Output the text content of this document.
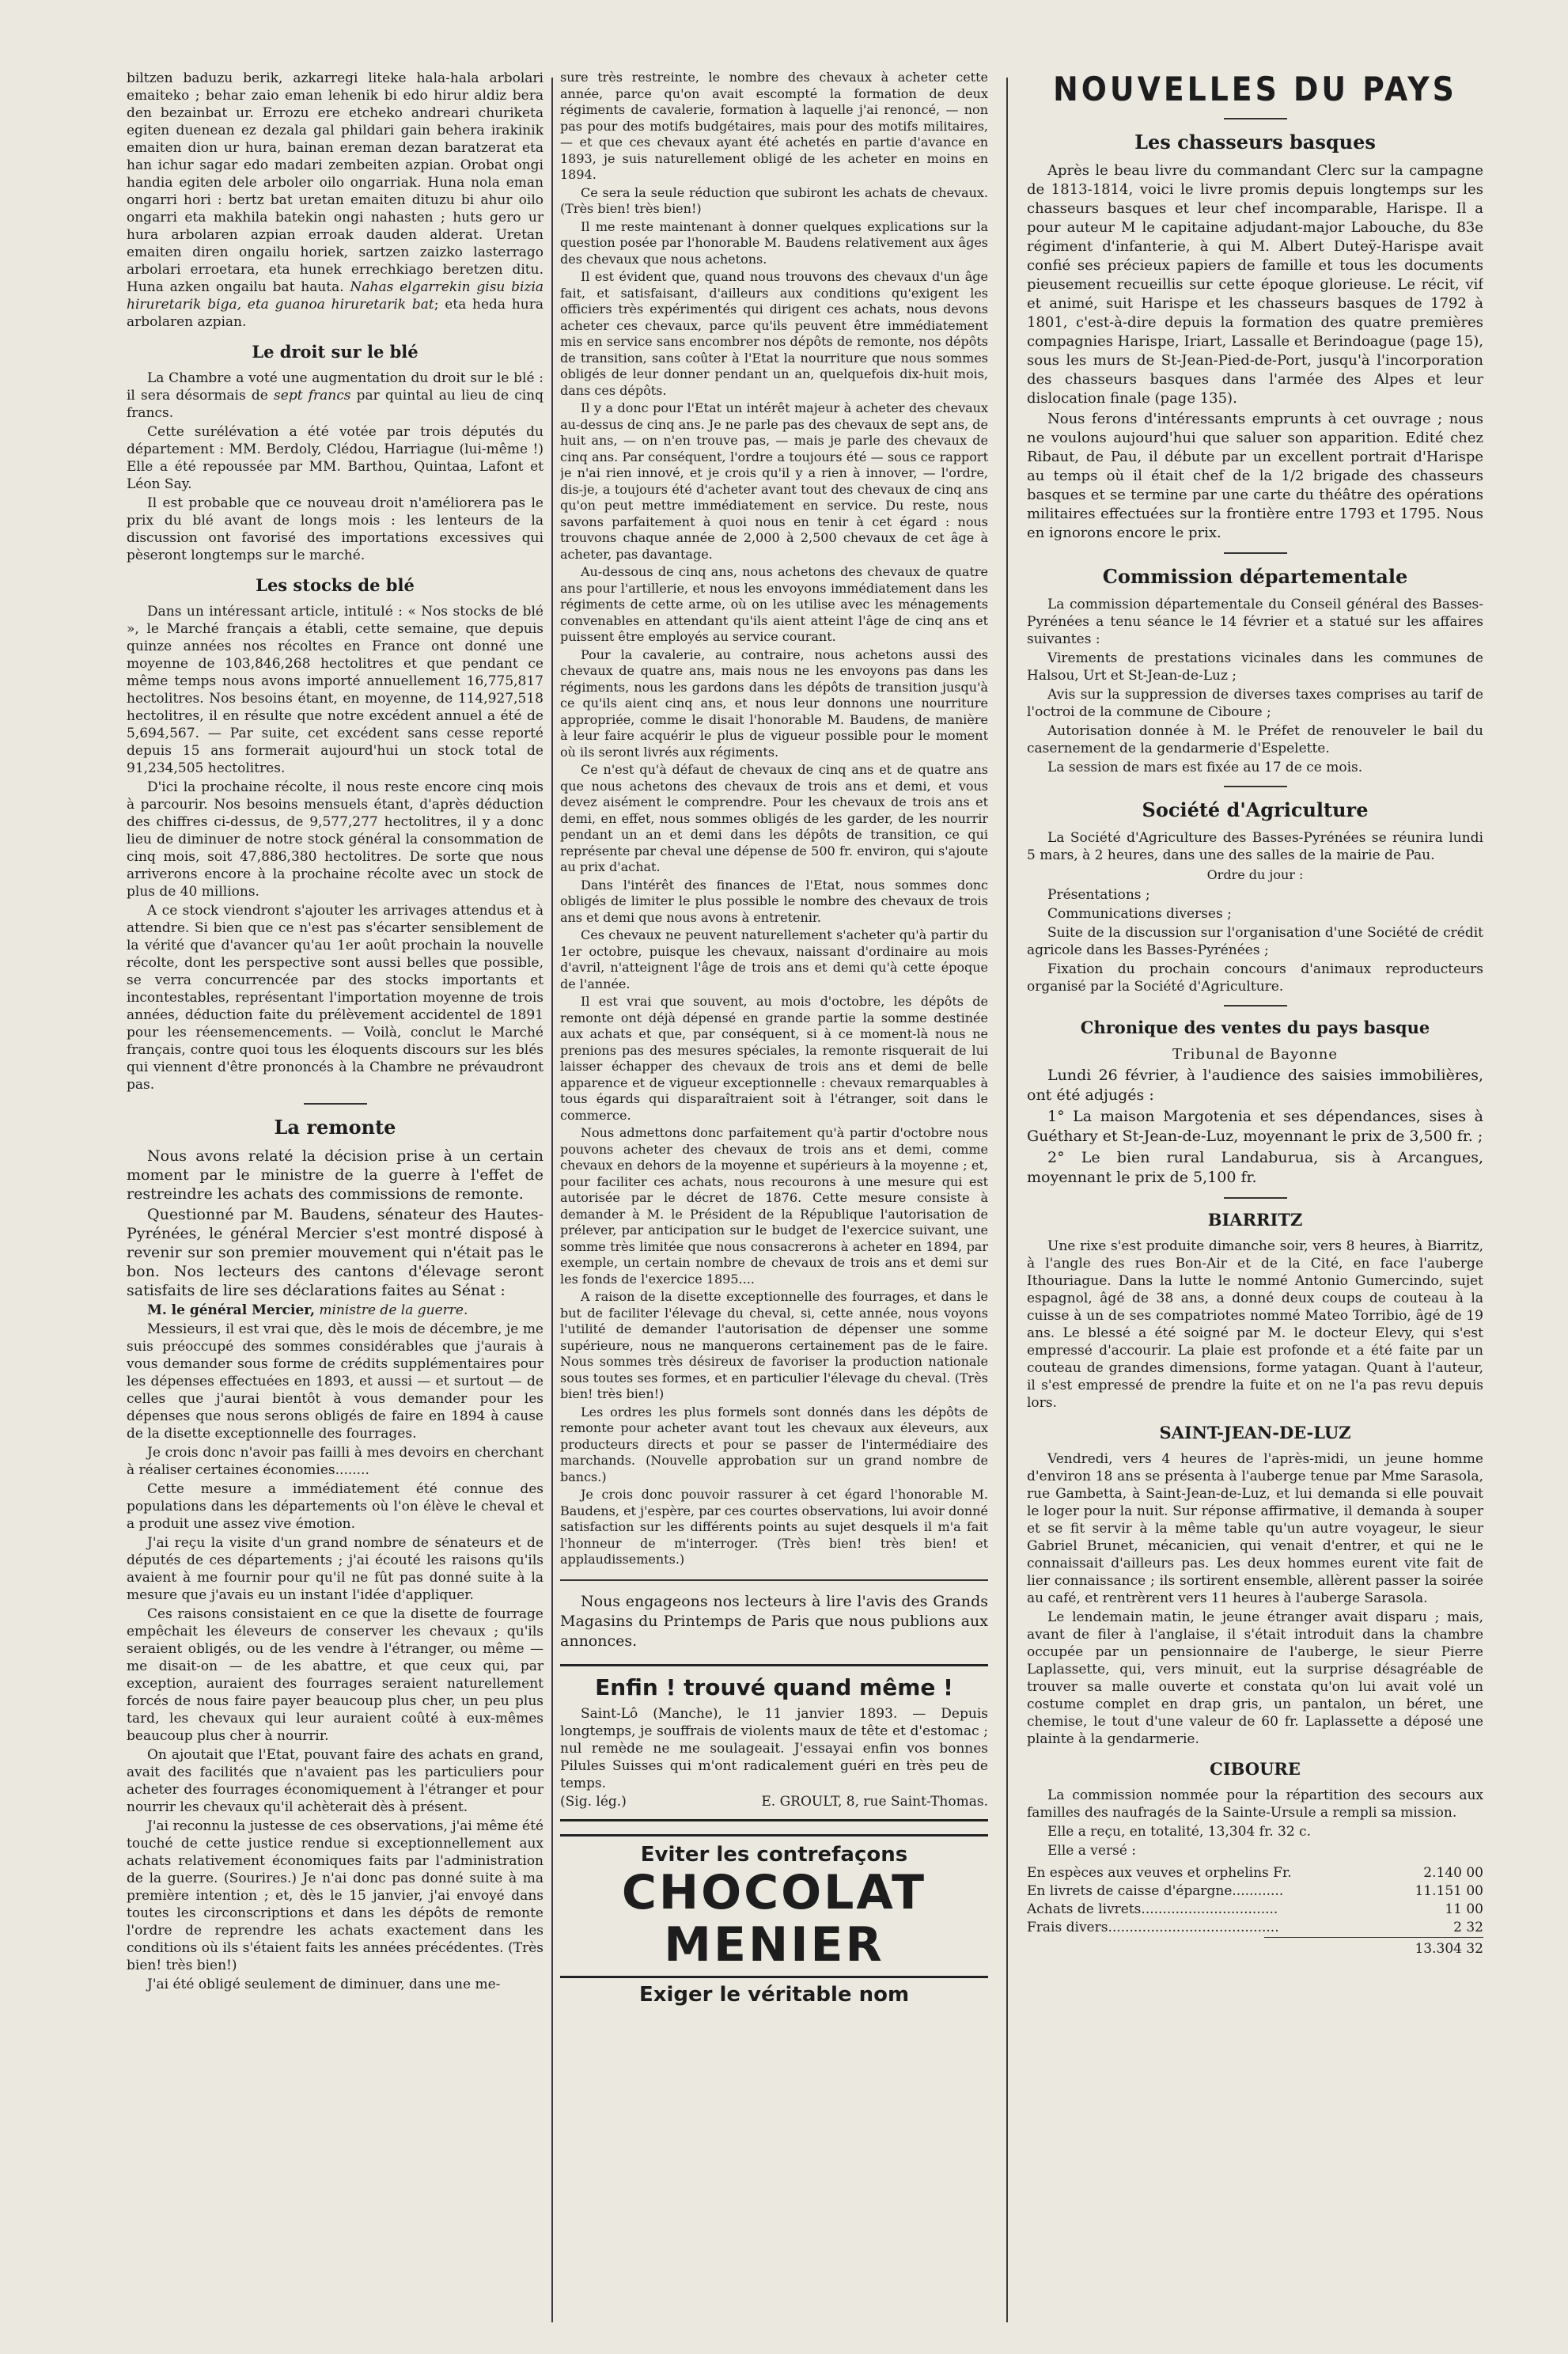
biltzen baduzu berik, azkarregi liteke hala-hala arbolari emaiteko ; behar zaio eman lehenik bi edo hirur aldiz bera den bezainbat ur. Errozu ere etcheko andreari churiketa egiten duenean ez dezala gal phildari gain behera irakinik emaiten dion ur hura, bainan ereman dezan baratzerat eta han ichur sagar edo madari zembeiten azpian. Orobat ongi handia egiten dele arboler oilo ongarriak. Huna nola eman ongarri hori : bertz bat uretan emaiten dituzu bi ahur oilo ongarri eta makhila batekin ongi nahasten ; huts gero ur hura arbolaren azpian erroak dauden alderat. Uretan emaiten diren ongailu horiek, sartzen zaizko lasterrago arbolari erroetara, eta hunek errechkiago beretzen ditu. Huna azken ongailu bat hauta. Nahas elgarrekin gisu bizia hiruretarik biga, eta guanoa hiruretarik bat; eta heda hura arbolaren azpian.

Le droit sur le blé

La Chambre a voté une augmentation du droit sur le blé : il sera désormais de sept francs par quintal au lieu de cinq francs.

Cette surélévation a été votée par trois députés du département : MM. Berdoly, Clédou, Harriague (lui-même !) Elle a été repoussée par MM. Barthou, Quintaa, Lafont et Léon Say.

Il est probable que ce nouveau droit n'améliorera pas le prix du blé avant de longs mois : les lenteurs de la discussion ont favorisé des importations excessives qui pèseront longtemps sur le marché.

Les stocks de blé

Dans un intéressant article, intitulé : « Nos stocks de blé », le Marché français a établi, cette semaine, que depuis quinze années nos récoltes en France ont donné une moyenne de 103,846,268 hectolitres et que pendant ce même temps nous avons importé annuellement 16,775,817 hectolitres. Nos besoins étant, en moyenne, de 114,927,518 hectolitres, il en résulte que notre excédent annuel a été de 5,694,567. — Par suite, cet excédent sans cesse reporté depuis 15 ans formerait aujourd'hui un stock total de 91,234,505 hectolitres.

D'ici la prochaine récolte, il nous reste encore cinq mois à parcourir. Nos besoins mensuels étant, d'après déduction des chiffres ci-dessus, de 9,577,277 hectolitres, il y a donc lieu de diminuer de notre stock général la consommation de cinq mois, soit 47,886,380 hectolitres. De sorte que nous arriverons encore à la prochaine récolte avec un stock de plus de 40 millions.

A ce stock viendront s'ajouter les arrivages attendus et à attendre. Si bien que ce n'est pas s'écarter sensiblement de la vérité que d'avancer qu'au 1er août prochain la nouvelle récolte, dont les perspective sont aussi belles que possible, se verra concurrencée par des stocks importants et incontestables, représentant l'importation moyenne de trois années, déduction faite du prélèvement accidentel de 1891 pour les réensemencements. — Voilà, conclut le Marché français, contre quoi tous les éloquents discours sur les blés qui viennent d'être prononcés à la Chambre ne prévaudront pas.

La remonte

Nous avons relaté la décision prise à un certain moment par le ministre de la guerre à l'effet de restreindre les achats des commissions de remonte.

Questionné par M. Baudens, sénateur des Hautes-Pyrénées, le général Mercier s'est montré disposé à revenir sur son premier mouvement qui n'était pas le bon. Nos lecteurs des cantons d'élevage seront satisfaits de lire ses déclarations faites au Sénat :

M. le général Mercier, ministre de la guerre.

Messieurs, il est vrai que, dès le mois de décembre, je me suis préoccupé des sommes considérables que j'aurais à vous demander sous forme de crédits supplémentaires pour les dépenses effectuées en 1893, et aussi — et surtout — de celles que j'aurai bientôt à vous demander pour les dépenses que nous serons obligés de faire en 1894 à cause de la disette exceptionnelle des fourrages.

Je crois donc n'avoir pas failli à mes devoirs en cherchant à réaliser certaines économies........

Cette mesure a immédiatement été connue des populations dans les départements où l'on élève le cheval et a produit une assez vive émotion.

J'ai reçu la visite d'un grand nombre de sénateurs et de députés de ces départements ; j'ai écouté les raisons qu'ils avaient à me fournir pour qu'il ne fût pas donné suite à la mesure que j'avais eu un instant l'idée d'appliquer.

Ces raisons consistaient en ce que la disette de fourrage empêchait les éleveurs de conserver les chevaux ; qu'ils seraient obligés, ou de les vendre à l'étranger, ou même — me disait-on — de les abattre, et que ceux qui, par exception, auraient des fourrages seraient naturellement forcés de nous faire payer beaucoup plus cher, un peu plus tard, les chevaux qui leur auraient coûté à eux-mêmes beaucoup plus cher à nourrir.

On ajoutait que l'Etat, pouvant faire des achats en grand, avait des facilités que n'avaient pas les particuliers pour acheter des fourrages économiquement à l'étranger et pour nourrir les chevaux qu'il achèterait dès à présent.

J'ai reconnu la justesse de ces observations, j'ai même été touché de cette justice rendue si exceptionnellement aux achats relativement économiques faits par l'administration de la guerre. (Sourires.) Je n'ai donc pas donné suite à ma première intention ; et, dès le 15 janvier, j'ai envoyé dans toutes les circonscriptions et dans les dépôts de remonte l'ordre de reprendre les achats exactement dans les conditions où ils s'étaient faits les années précédentes. (Très bien! très bien!)

J'ai été obligé seulement de diminuer, dans une me-

sure très restreinte, le nombre des chevaux à acheter cette année, parce qu'on avait escompté la formation de deux régiments de cavalerie, formation à laquelle j'ai renoncé, — non pas pour des motifs budgétaires, mais pour des motifs militaires, — et que ces chevaux ayant été achetés en partie d'avance en 1893, je suis naturellement obligé de les acheter en moins en 1894.

Ce sera la seule réduction que subiront les achats de chevaux. (Très bien! très bien!)

Il me reste maintenant à donner quelques explications sur la question posée par l'honorable M. Baudens relativement aux âges des chevaux que nous achetons.

Il est évident que, quand nous trouvons des chevaux d'un âge fait, et satisfaisant, d'ailleurs aux conditions qu'exigent les officiers très expérimentés qui dirigent ces achats, nous devons acheter ces chevaux, parce qu'ils peuvent être immédiatement mis en service sans encombrer nos dépôts de remonte, nos dépôts de transition, sans coûter à l'Etat la nourriture que nous sommes obligés de leur donner pendant un an, quelquefois dix-huit mois, dans ces dépôts.

Il y a donc pour l'Etat un intérêt majeur à acheter des chevaux au-dessus de cinq ans. Je ne parle pas des chevaux de sept ans, de huit ans, — on n'en trouve pas, — mais je parle des chevaux de cinq ans. Par conséquent, l'ordre a toujours été — sous ce rapport je n'ai rien innové, et je crois qu'il y a rien à innover, — l'ordre, dis-je, a toujours été d'acheter avant tout des chevaux de cinq ans qu'on peut mettre immédiatement en service. Du reste, nous savons parfaitement à quoi nous en tenir à cet égard : nous trouvons chaque année de 2,000 à 2,500 chevaux de cet âge à acheter, pas davantage.

Au-dessous de cinq ans, nous achetons des chevaux de quatre ans pour l'artillerie, et nous les envoyons immédiatement dans les régiments de cette arme, où on les utilise avec les ménagements convenables en attendant qu'ils aient atteint l'âge de cinq ans et puissent être employés au service courant.

Pour la cavalerie, au contraire, nous achetons aussi des chevaux de quatre ans, mais nous ne les envoyons pas dans les régiments, nous les gardons dans les dépôts de transition jusqu'à ce qu'ils aient cinq ans, et nous leur donnons une nourriture appropriée, comme le disait l'honorable M. Baudens, de manière à leur faire acquérir le plus de vigueur possible pour le moment où ils seront livrés aux régiments.

Ce n'est qu'à défaut de chevaux de cinq ans et de quatre ans que nous achetons des chevaux de trois ans et demi, et vous devez aisément le comprendre. Pour les chevaux de trois ans et demi, en effet, nous sommes obligés de les garder, de les nourrir pendant un an et demi dans les dépôts de transition, ce qui représente par cheval une dépense de 500 fr. environ, qui s'ajoute au prix d'achat.

Dans l'intérêt des finances de l'Etat, nous sommes donc obligés de limiter le plus possible le nombre des chevaux de trois ans et demi que nous avons à entretenir.

Ces chevaux ne peuvent naturellement s'acheter qu'à partir du 1er octobre, puisque les chevaux, naissant d'ordinaire au mois d'avril, n'atteignent l'âge de trois ans et demi qu'à cette époque de l'année.

Il est vrai que souvent, au mois d'octobre, les dépôts de remonte ont déjà dépensé en grande partie la somme destinée aux achats et que, par conséquent, si à ce moment-là nous ne prenions pas des mesures spéciales, la remonte risquerait de lui laisser échapper des chevaux de trois ans et demi de belle apparence et de vigueur exceptionnelle : chevaux remarquables à tous égards qui disparaîtraient soit à l'étranger, soit dans le commerce.

Nous admettons donc parfaitement qu'à partir d'octobre nous pouvons acheter des chevaux de trois ans et demi, comme chevaux en dehors de la moyenne et supérieurs à la moyenne ; et, pour faciliter ces achats, nous recourons à une mesure qui est autorisée par le décret de 1876. Cette mesure consiste à demander à M. le Président de la République l'autorisation de prélever, par anticipation sur le budget de l'exercice suivant, une somme très limitée que nous consacrerons à acheter en 1894, par exemple, un certain nombre de chevaux de trois ans et demi sur les fonds de l'exercice 1895....

A raison de la disette exceptionnelle des fourrages, et dans le but de faciliter l'élevage du cheval, si, cette année, nous voyons l'utilité de demander l'autorisation de dépenser une somme supérieure, nous ne manquerons certainement pas de le faire. Nous sommes très désireux de favoriser la production nationale sous toutes ses formes, et en particulier l'élevage du cheval. (Très bien! très bien!)

Les ordres les plus formels sont donnés dans les dépôts de remonte pour acheter avant tout les chevaux aux éleveurs, aux producteurs directs et pour se passer de l'intermédiaire des marchands. (Nouvelle approbation sur un grand nombre de bancs.)

Je crois donc pouvoir rassurer à cet égard l'honorable M. Baudens, et j'espère, par ces courtes observations, lui avoir donné satisfaction sur les différents points au sujet desquels il m'a fait l'honneur de m'interroger. (Très bien! très bien! et applaudissements.)

Nous engageons nos lecteurs à lire l'avis des Grands Magasins du Printemps de Paris que nous publions aux annonces.

Enfin ! trouvé quand même !

Saint-Lô (Manche), le 11 janvier 1893. — Depuis longtemps, je souffrais de violents maux de tête et d'estomac ; nul remède ne me soulageait. J'essayai enfin vos bonnes Pilules Suisses qui m'ont radicalement guéri en très peu de temps.

(Sig. lég.)	E. GROULT, 8, rue Saint-Thomas.

Eviter les contrefaçons
CHOCOLAT
MENIER
Exiger le véritable nom
NOUVELLES DU PAYS
Les chasseurs basques

Après le beau livre du commandant Clerc sur la campagne de 1813-1814, voici le livre promis depuis longtemps sur les chasseurs basques et leur chef incomparable, Harispe. Il a pour auteur M le capitaine adjudant-major Labouche, du 83e régiment d'infanterie, à qui M. Albert Duteÿ-Harispe avait confié ses précieux papiers de famille et tous les documents pieusement recueillis sur cette époque glorieuse. Le récit, vif et animé, suit Harispe et les chasseurs basques de 1792 à 1801, c'est-à-dire depuis la formation des quatre premières compagnies Harispe, Iriart, Lassalle et Berindoague (page 15), sous les murs de St-Jean-Pied-de-Port, jusqu'à l'incorporation des chasseurs basques dans l'armée des Alpes et leur dislocation finale (page 135).

Nous ferons d'intéressants emprunts à cet ouvrage ; nous ne voulons aujourd'hui que saluer son apparition. Edité chez Ribaut, de Pau, il débute par un excellent portrait d'Harispe au temps où il était chef de la 1/2 brigade des chasseurs basques et se termine par une carte du théâtre des opérations militaires effectuées sur la frontière entre 1793 et 1795. Nous en ignorons encore le prix.

Commission départementale

La commission départementale du Conseil général des Basses-Pyrénées a tenu séance le 14 février et a statué sur les affaires suivantes :

Virements de prestations vicinales dans les communes de Halsou, Urt et St-Jean-de-Luz ;

Avis sur la suppression de diverses taxes comprises au tarif de l'octroi de la commune de Ciboure ;

Autorisation donnée à M. le Préfet de renouveler le bail du casernement de la gendarmerie d'Espelette.

La session de mars est fixée au 17 de ce mois.

Société d'Agriculture

La Société d'Agriculture des Basses-Pyrénées se réunira lundi 5 mars, à 2 heures, dans une des salles de la mairie de Pau.

Ordre du jour :

Présentations ;

Communications diverses ;

Suite de la discussion sur l'organisation d'une Société de crédit agricole dans les Basses-Pyrénées ;

Fixation du prochain concours d'animaux reproducteurs organisé par la Société d'Agriculture.

Chronique des ventes du pays basque

Tribunal de Bayonne

Lundi 26 février, à l'audience des saisies immobilières, ont été adjugés :

1° La maison Margotenia et ses dépendances, sises à Guéthary et St-Jean-de-Luz, moyennant le prix de 3,500 fr. ;

2° Le bien rural Landaburua, sis à Arcangues, moyennant le prix de 5,100 fr.

BIARRITZ

Une rixe s'est produite dimanche soir, vers 8 heures, à Biarritz, à l'angle des rues Bon-Air et de la Cité, en face l'auberge Ithouriague. Dans la lutte le nommé Antonio Gumercindo, sujet espagnol, âgé de 38 ans, a donné deux coups de couteau à la cuisse à un de ses compatriotes nommé Mateo Torribio, âgé de 19 ans. Le blessé a été soigné par M. le docteur Elevy, qui s'est empressé d'accourir. La plaie est profonde et a été faite par un couteau de grandes dimensions, forme yatagan. Quant à l'auteur, il s'est empressé de prendre la fuite et on ne l'a pas revu depuis lors.

SAINT-JEAN-DE-LUZ

Vendredi, vers 4 heures de l'après-midi, un jeune homme d'environ 18 ans se présenta à l'auberge tenue par Mme Sarasola, rue Gambetta, à Saint-Jean-de-Luz, et lui demanda si elle pouvait le loger pour la nuit. Sur réponse affirmative, il demanda à souper et se fit servir à la même table qu'un autre voyageur, le sieur Gabriel Brunet, mécanicien, qui venait d'entrer, et qui ne le connaissait d'ailleurs pas. Les deux hommes eurent vite fait de lier connaissance ; ils sortirent ensemble, allèrent passer la soirée au café, et rentrèrent vers 11 heures à l'auberge Sarasola.

Le lendemain matin, le jeune étranger avait disparu ; mais, avant de filer à l'anglaise, il s'était introduit dans la chambre occupée par un pensionnaire de l'auberge, le sieur Pierre Laplassette, qui, vers minuit, eut la surprise désagréable de trouver sa malle ouverte et constata qu'on lui avait volé un costume complet en drap gris, un pantalon, un béret, une chemise, le tout d'une valeur de 60 fr. Laplassette a déposé une plainte à la gendarmerie.

CIBOURE

La commission nommée pour la répartition des secours aux familles des naufragés de la Sainte-Ursule a rempli sa mission.

Elle a reçu, en totalité, 13,304 fr. 32 c.

Elle a versé :

En espèces aux veuves et orphelins Fr.	2.140 00
En livrets de caisse d'épargne............	11.151 00
Achats de livrets................................	11 00
Frais divers........................................	2 32
13.304 32
